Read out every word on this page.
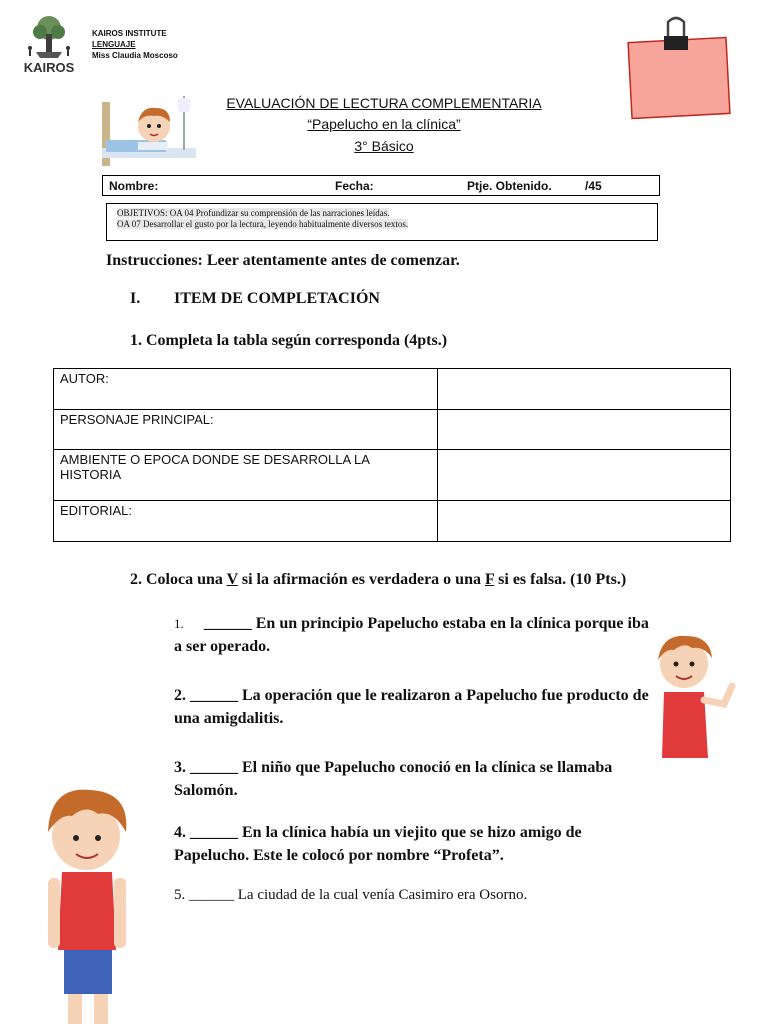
KAIROS
KAIROS INSTITUTE
LENGUAJE
Miss Claudia Moscoso
EVALUACIÓN DE LECTURA COMPLEMENTARIA
“Papelucho en la clínica”
3° Básico
Nombre:	Fecha:	Ptje. Obtenido.	/45
OBJETIVOS: OA 04 Profundizar su comprensión de las narraciones leídas.
OA 07 Desarrollar el gusto por la lectura, leyendo habitualmente diversos textos.
Instrucciones: Leer atentamente antes de comenzar.
I. ITEM DE COMPLETACIÓN
1. Completa la tabla según corresponda (4pts.)
AUTOR:	
PERSONAJE PRINCIPAL:	
AMBIENTE O EPOCA DONDE SE DESARROLLA LA HISTORIA	
EDITORIAL:	
2. Coloca una V si la afirmación es verdadera o una F si es falsa. (10 Pts.)
1. ______ En un principio Papelucho estaba en la clínica porque iba a ser operado.
2. ______ La operación que le realizaron a Papelucho fue producto de una amigdalitis.
3. ______ El niño que Papelucho conoció en la clínica se llamaba Salomón.
4. ______ En la clínica había un viejito que se hizo amigo de Papelucho. Este le colocó por nombre “Profeta”.
5. ______ La ciudad de la cual venía Casimiro era Osorno.
